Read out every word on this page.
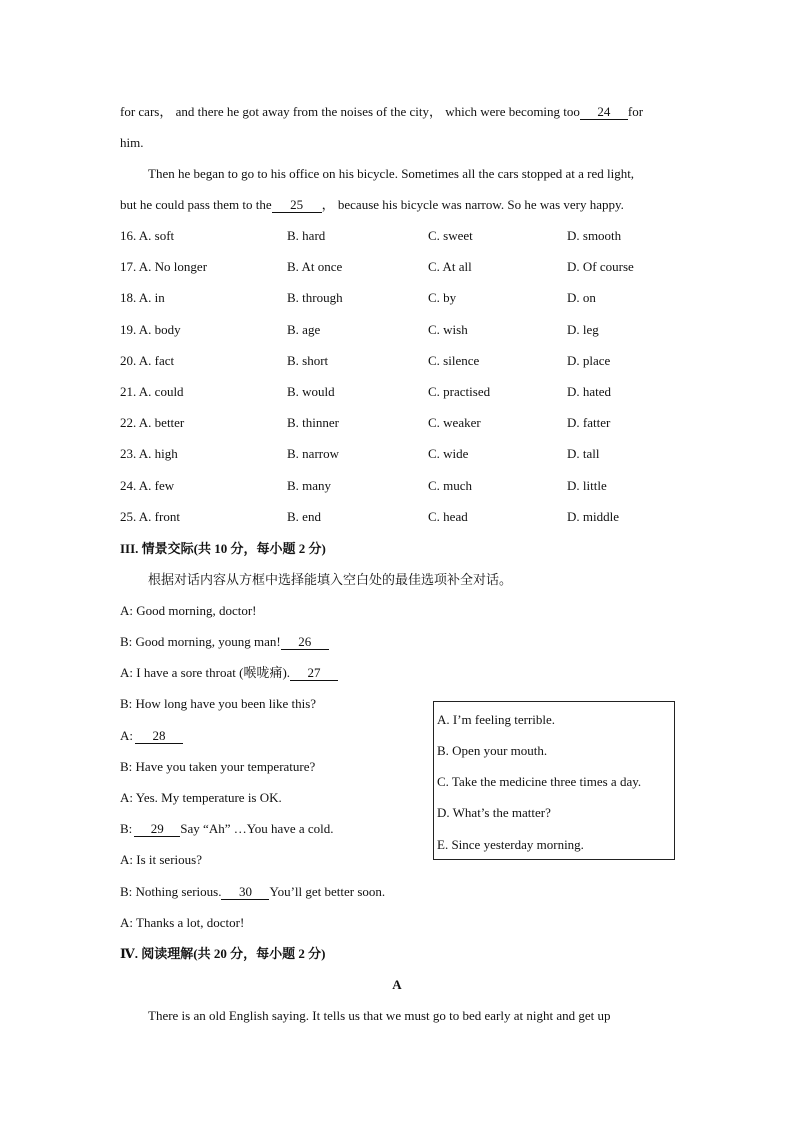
for cars， and there he got away from the noises of the city， which were becoming too 24 for
him.
Then he began to go to his office on his bicycle. Sometimes all the cars stopped at a red light,
but he could pass them to the 25 ， because his bicycle was narrow. So he was very happy.
16. A. soft	B. hard	C. sweet	D. smooth
17. A. No longer	B. At once	C. At all	D. Of course
18. A. in	B. through	C. by	D. on
19. A. body	B. age	C. wish	D. leg
20. A. fact	B. short	C. silence	D. place
21. A. could	B. would	C. practised	D. hated
22. A. better	B. thinner	C. weaker	D. fatter
23. A. high	B. narrow	C. wide	D. tall
24. A. few	B. many	C. much	D. little
25. A. front	B. end	C. head	D. middle
III. 情景交际(共 10 分，每小题 2 分)
根据对话内容从方框中选择能填入空白处的最佳选项补全对话。
A: Good morning, doctor!
B: Good morning, young man! 26
A: I have a sore throat (喉咙痛). 27
B: How long have you been like this?
A: 28
B: Have you taken your temperature?
A: Yes. My temperature is OK.
B: 29 Say “Ah” …You have a cold.
A: Is it serious?
B: Nothing serious. 30 You’ll get better soon.
A: Thanks a lot, doctor!
A. I’m feeling terrible.
B. Open your mouth.
C. Take the medicine three times a day.
D. What’s the matter?
E. Since yesterday morning.
Ⅳ. 阅读理解(共 20 分，每小题 2 分)
A
There is an old English saying. It tells us that we must go to bed early at night and get up
